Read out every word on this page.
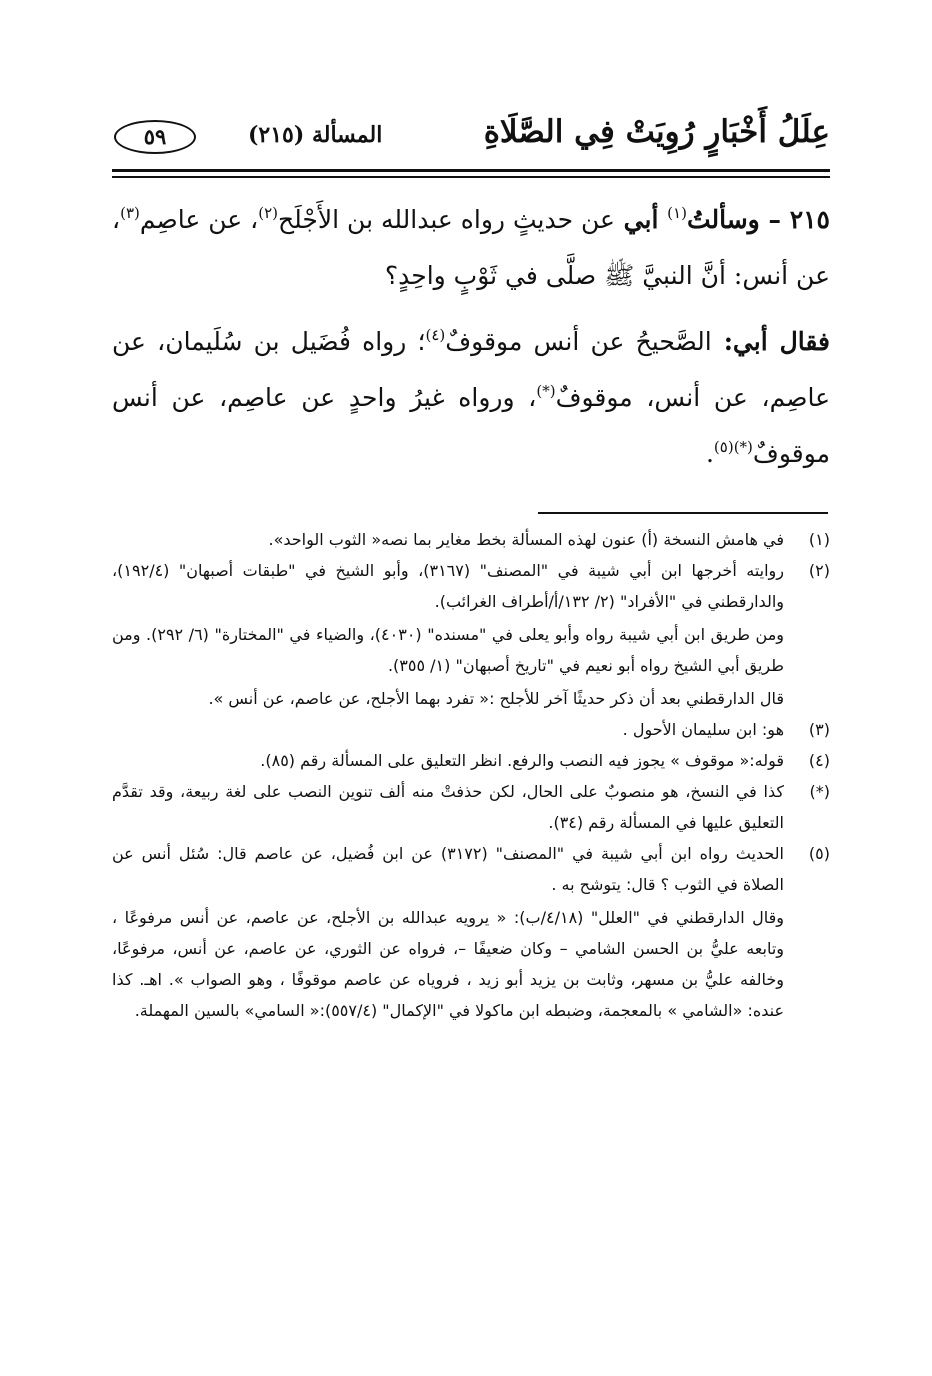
عِلَلُ أَخْبَارٍ رُوِيَتْ فِي الصَّلَاةِ
المسألة (٢١٥)
٥٩

٢١٥ – وسألتُ$^{(١)}$ أبي عن حديثٍ رواه عبدالله بن الأَجْلَح$^{(٢)}$، عن عاصِم$^{(٣)}$، عن أنس: أنَّ النبيَّ ﷺ صلَّى في ثَوْبٍ واحِدٍ؟

فقال أبي: الصَّحيحُ عن أنس موقوفٌ$^{(٤)}$؛ رواه فُضَيل بن سُلَيمان، عن عاصِم، عن أنس، موقوفٌ(*)، ورواه غيرُ واحدٍ عن عاصِم، عن أنس موقوفٌ$^{(*)(٥)}$.

(١)
في هامش النسخة (أ) عنون لهذه المسألة بخط مغاير بما نصه« الثوب الواحد».

(٢)
روايته أخرجها ابن أبي شيبة في "المصنف" (٣١٦٧)، وأبو الشيخ في "طبقات أصبهان" (١٩٢/٤)، والدارقطني في "الأفراد" (٢/ ١٣٢/أ/أطراف الغرائب).
ومن طريق ابن أبي شيبة رواه وأبو يعلى في "مسنده" (٤٠٣٠)، والضياء في "المختارة" (٦/ ٢٩٢). ومن طريق أبي الشيخ رواه أبو نعيم في "تاريخ أصبهان" (١/ ٣٥٥).
قال الدارقطني بعد أن ذكر حديثًا آخر للأجلح :« تفرد بهما الأجلح، عن عاصم، عن أنس ».

(٣)
هو: ابن سليمان الأحول .

(٤)
قوله:« موقوف » يجوز فيه النصب والرفع. انظر التعليق على المسألة رقم (٨٥).

(*)
كذا في النسخ، هو منصوبٌ على الحال، لكن حذفتْ منه ألف تنوين النصب على لغة ربيعة، وقد تقدَّم التعليق عليها في المسألة رقم (٣٤).

(٥)
الحديث رواه ابن أبي شيبة في "المصنف" (٣١٧٢) عن ابن فُضيل، عن عاصم قال: سُئل أنس عن الصلاة في الثوب ؟ قال: يتوشح به .
وقال الدارقطني في "العلل" (٤/١٨/ب): « يرويه عبدالله بن الأجلح، عن عاصم، عن أنس مرفوعًا ، وتابعه عليُّ بن الحسن الشامي – وكان ضعيفًا –، فرواه عن الثوري، عن عاصم، عن أنس، مرفوعًا، وخالفه عليُّ بن مسهر، وثابت بن يزيد أبو زيد ، فروياه عن عاصم موقوفًا ، وهو الصواب ». اهـ. كذا عنده: «الشامي » بالمعجمة، وضبطه ابن ماكولا في "الإكمال" (٥٥٧/٤):« السامي» بالسين المهملة.
